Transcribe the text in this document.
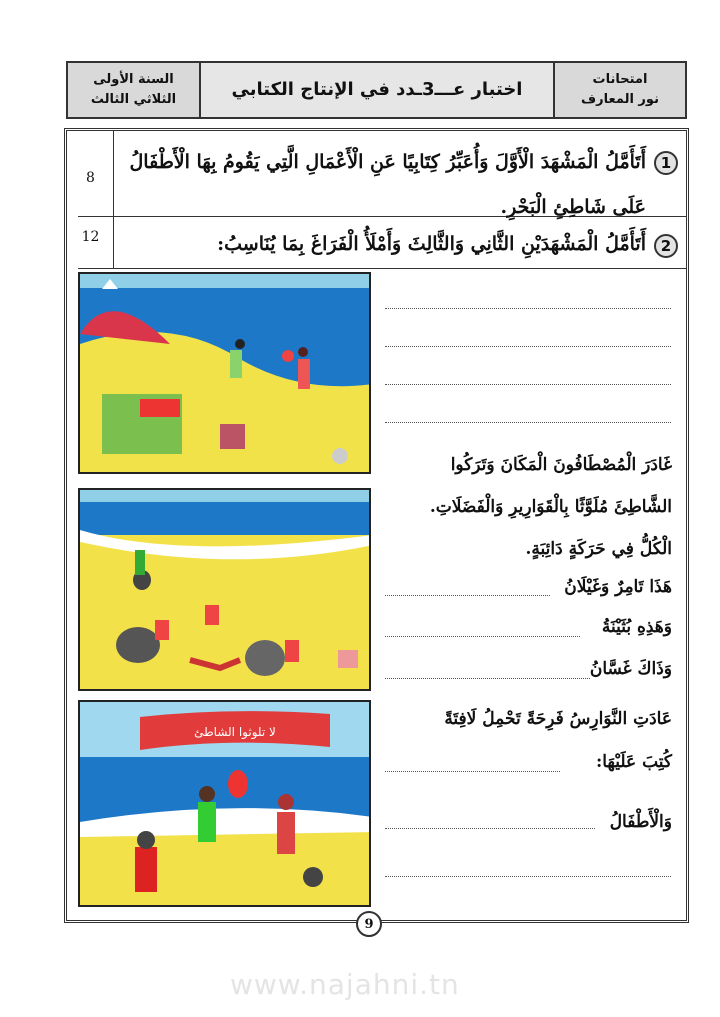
السنة الأولى
الثلاثي الثالث	اختبار عـــ3ـدد في الإنتاج الكتابي	امتحانات
نور المعارف
8
12
1
أَتَأَمَّلُ الْمَشْهَدَ الْأَوَّلَ وَأُعَبِّرُ كِتَابِيًا عَنِ الْأَعْمَالِ الَّتِي يَقُومُ بِهَا الْأَطْفَالُ
عَلَى شَاطِئِ الْبَحْرِ.
2
أَتَأَمَّلُ الْمَشْهَدَيْنِ الثَّانِي وَالثَّالِثَ وَأَمْلَأُ الْفَرَاغَ بِمَا يُنَاسِبُ:
غَادَرَ الْمُصْطَافُونَ الْمَكَانَ وَتَرَكُوا
الشَّاطِئَ مُلَوَّثًا بِالْقَوَارِيرِ وَالْفَضَلَاتِ.
الْكُلُّ فِي حَرَكَةٍ دَائِبَةٍ.
هَذَا تَامِرٌ وَغَيْلَانُ
وَهَذِهِ بُثَيْنَةُ
وَذَاكَ غَسَّانُ
لا تلوثوا الشاطئ
عَادَتِ النَّوَارِسُ فَرِحَةً تَحْمِلُ لَافِتَةً
كُتِبَ عَلَيْهَا:
وَالْأَطْفَالُ
9
www.najahni.tn
